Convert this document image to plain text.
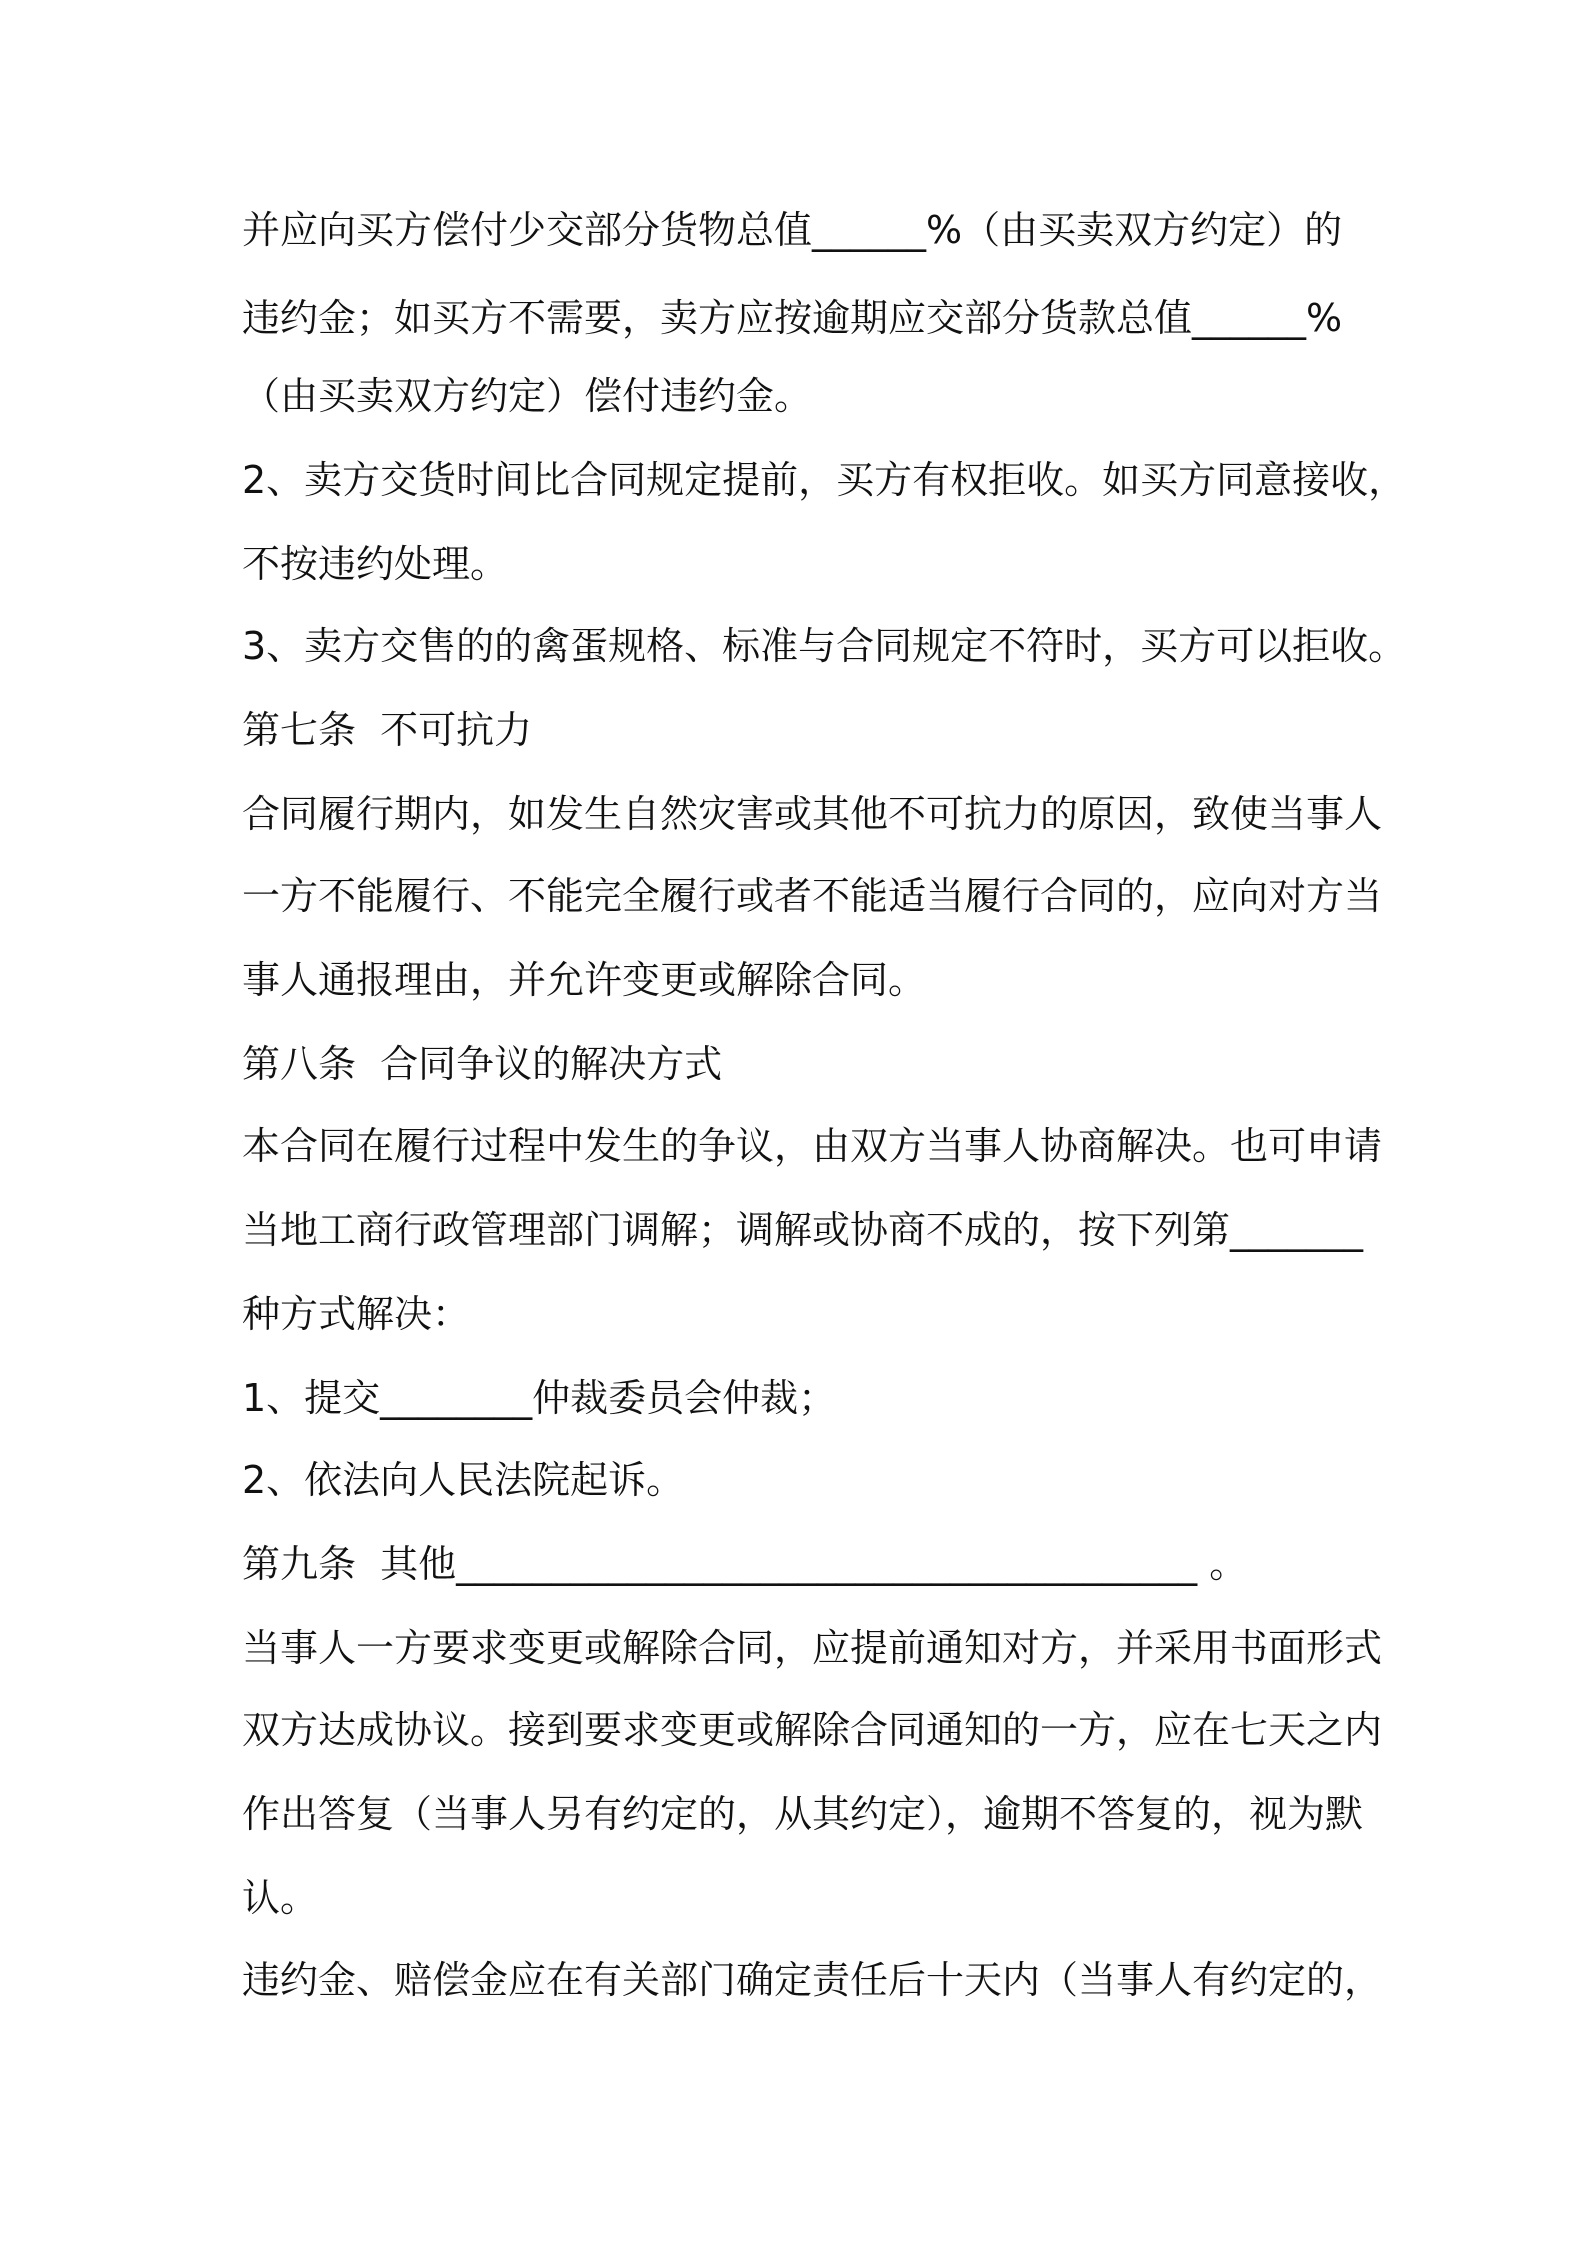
并应向买方偿付少交部分货物总值______%（由买卖双方约定）的
违约金；如买方不需要，卖方应按逾期应交部分货款总值______%
（由买卖双方约定）偿付违约金。
2、卖方交货时间比合同规定提前，买方有权拒收。如买方同意接收，
不按违约处理。
3、卖方交售的的禽蛋规格、标准与合同规定不符时，买方可以拒收。
第七条  不可抗力
合同履行期内，如发生自然灾害或其他不可抗力的原因，致使当事人
一方不能履行、不能完全履行或者不能适当履行合同的，应向对方当
事人通报理由，并允许变更或解除合同。
第八条  合同争议的解决方式
本合同在履行过程中发生的争议，由双方当事人协商解决。也可申请
当地工商行政管理部门调解；调解或协商不成的，按下列第_______
种方式解决：
1、提交________仲裁委员会仲裁；
2、依法向人民法院起诉。
第九条  其他_______________________________________ 。
当事人一方要求变更或解除合同，应提前通知对方，并采用书面形式
双方达成协议。接到要求变更或解除合同通知的一方，应在七天之内
作出答复（当事人另有约定的，从其约定），逾期不答复的，视为默
认。
违约金、赔偿金应在有关部门确定责任后十天内（当事人有约定的，
